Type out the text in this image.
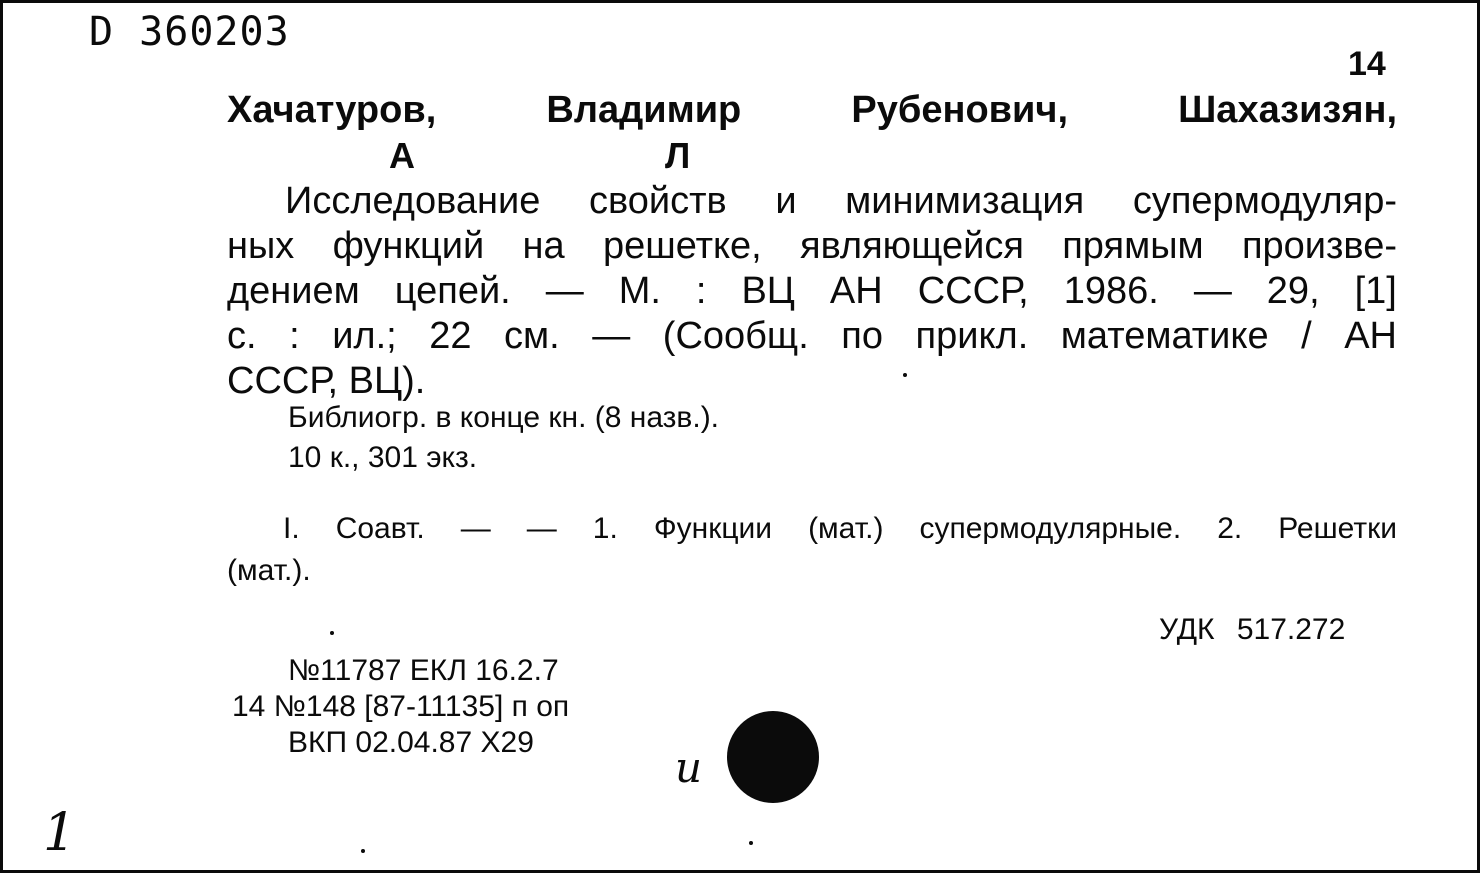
D 360203
14
Хачатуров,	Владимир	Рубенович,	Шахазизян,
А	Л
Исследование свойств и минимизация супермодуляр-
ных функций на решетке, являющейся прямым произве-
дением цепей. — М. : ВЦ АН СССР, 1986. — 29, [1]
с. : ил.; 22 см. — (Сообщ. по прикл. математике / АН
СССР, ВЦ).
Библиогр. в конце кн. (8 назв.).
10 к., 301 экз.
I. Соавт. — — 1. Функции (мат.) супермодулярные. 2. Решетки
(мат.).
УДК 517.272
№11787 ЕКЛ 16.2.7
14 №148 [87-11135] п оп
ВКП 02.04.87 Х29
и
1
